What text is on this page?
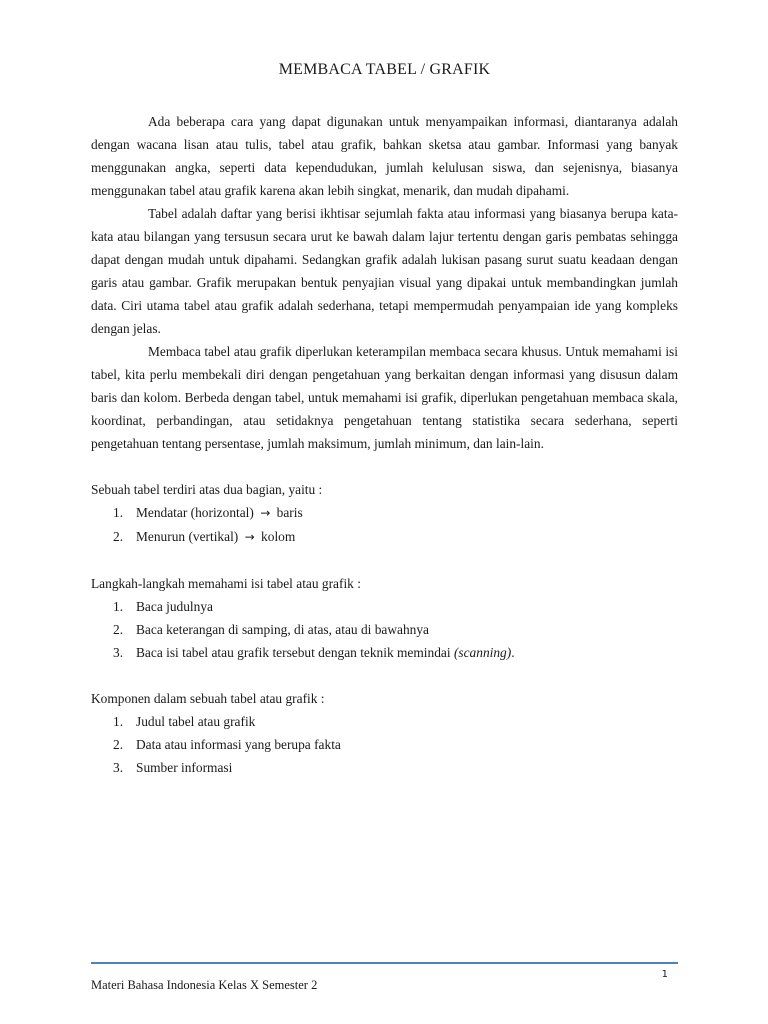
MEMBACA TABEL / GRAFIK

Ada beberapa cara yang dapat digunakan untuk menyampaikan informasi, diantaranya adalah dengan wacana lisan atau tulis, tabel atau grafik, bahkan sketsa atau gambar. Informasi yang banyak menggunakan angka, seperti data kependudukan, jumlah kelulusan siswa, dan sejenisnya, biasanya menggunakan tabel atau grafik karena akan lebih singkat, menarik, dan mudah dipahami.

Tabel adalah daftar yang berisi ikhtisar sejumlah fakta atau informasi yang biasanya berupa kata-kata atau bilangan yang tersusun secara urut ke bawah dalam lajur tertentu dengan garis pembatas sehingga dapat dengan mudah untuk dipahami. Sedangkan grafik adalah lukisan pasang surut suatu keadaan dengan garis atau gambar. Grafik merupakan bentuk penyajian visual yang dipakai untuk membandingkan jumlah data. Ciri utama tabel atau grafik adalah sederhana, tetapi mempermudah penyampaian ide yang kompleks dengan jelas.

Membaca tabel atau grafik diperlukan keterampilan membaca secara khusus. Untuk memahami isi tabel, kita perlu membekali diri dengan pengetahuan yang berkaitan dengan informasi yang disusun dalam baris dan kolom. Berbeda dengan tabel, untuk memahami isi grafik, diperlukan pengetahuan membaca skala, koordinat, perbandingan, atau setidaknya pengetahuan tentang statistika secara sederhana, seperti pengetahuan tentang persentase, jumlah maksimum, jumlah minimum, dan lain-lain.

Sebuah tabel terdiri atas dua bagian, yaitu :

1. Mendatar (horizontal) → baris
2. Menurun (vertikal) → kolom

Langkah-langkah memahami isi tabel atau grafik :

1. Baca judulnya
2. Baca keterangan di samping, di atas, atau di bawahnya
3. Baca isi tabel atau grafik tersebut dengan teknik memindai (scanning).

Komponen dalam sebuah tabel atau grafik :

1. Judul tabel atau grafik
2. Data atau informasi yang berupa fakta
3. Sumber informasi
1
Materi Bahasa Indonesia Kelas X Semester 2
